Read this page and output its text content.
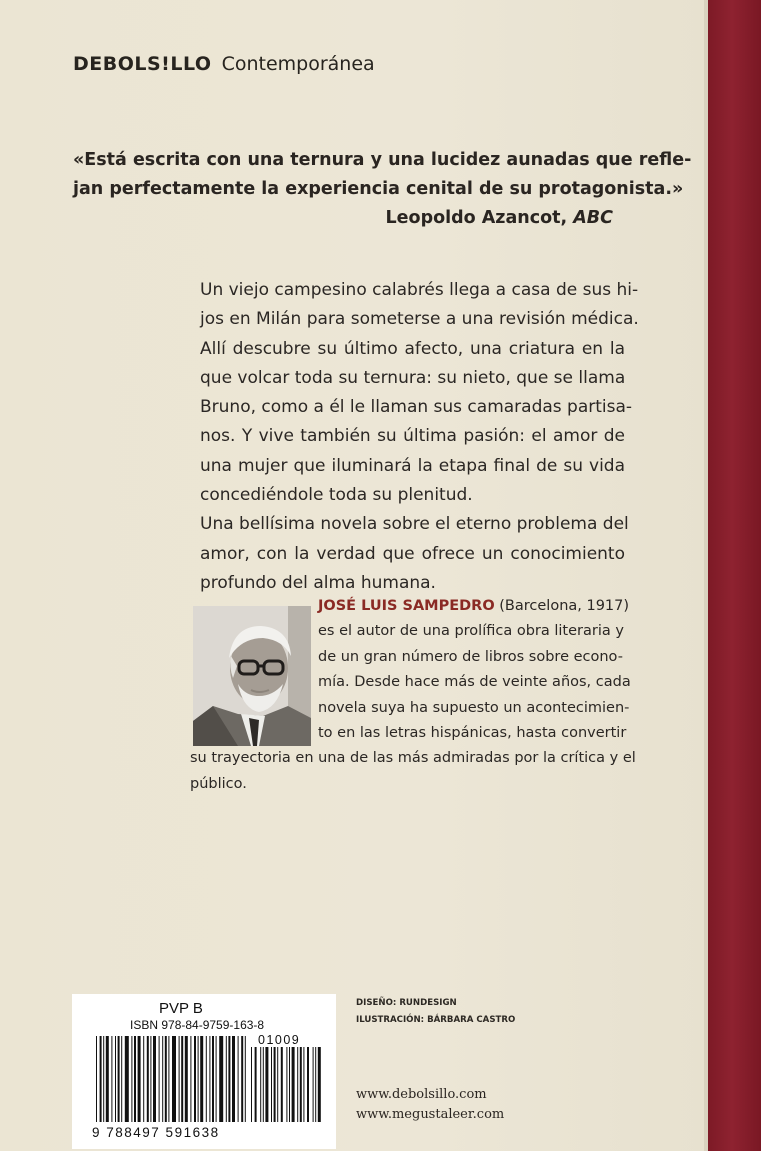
DEBOLS!LLO Contemporánea

«Está escrita con una ternura y una lucidez aunadas que refle-

jan perfectamente la experiencia cenital de su protagonista.»

Leopoldo Azancot, ABC

Un viejo campesino calabrés llega a casa de sus hi-
jos en Milán para someterse a una revisión médica.
Allí descubre su último afecto, una criatura en la
que volcar toda su ternura: su nieto, que se llama
Bruno, como a él le llaman sus camaradas partisa-
nos. Y vive también su última pasión: el amor de
una mujer que iluminará la etapa final de su vida
concediéndole toda su plenitud.

Una bellísima novela sobre el eterno problema del
amor, con la verdad que ofrece un conocimiento
profundo del alma humana.

JOSÉ LUIS SAMPEDRO (Barcelona, 1917)
es el autor de una prolífica obra literaria y
de un gran número de libros sobre econo-
mía. Desde hace más de veinte años, cada
novela suya ha supuesto un acontecimien-
to en las letras hispánicas, hasta convertir
su trayectoria en una de las más admiradas por la crítica y el
público.
PVP B
ISBN 978-84-9759-163-8
01009
9 788497 591638
DISEÑO: RUNDESIGN
ILUSTRACIÓN: BÁRBARA CASTRO
www.debolsillo.com
www.megustaleer.com
